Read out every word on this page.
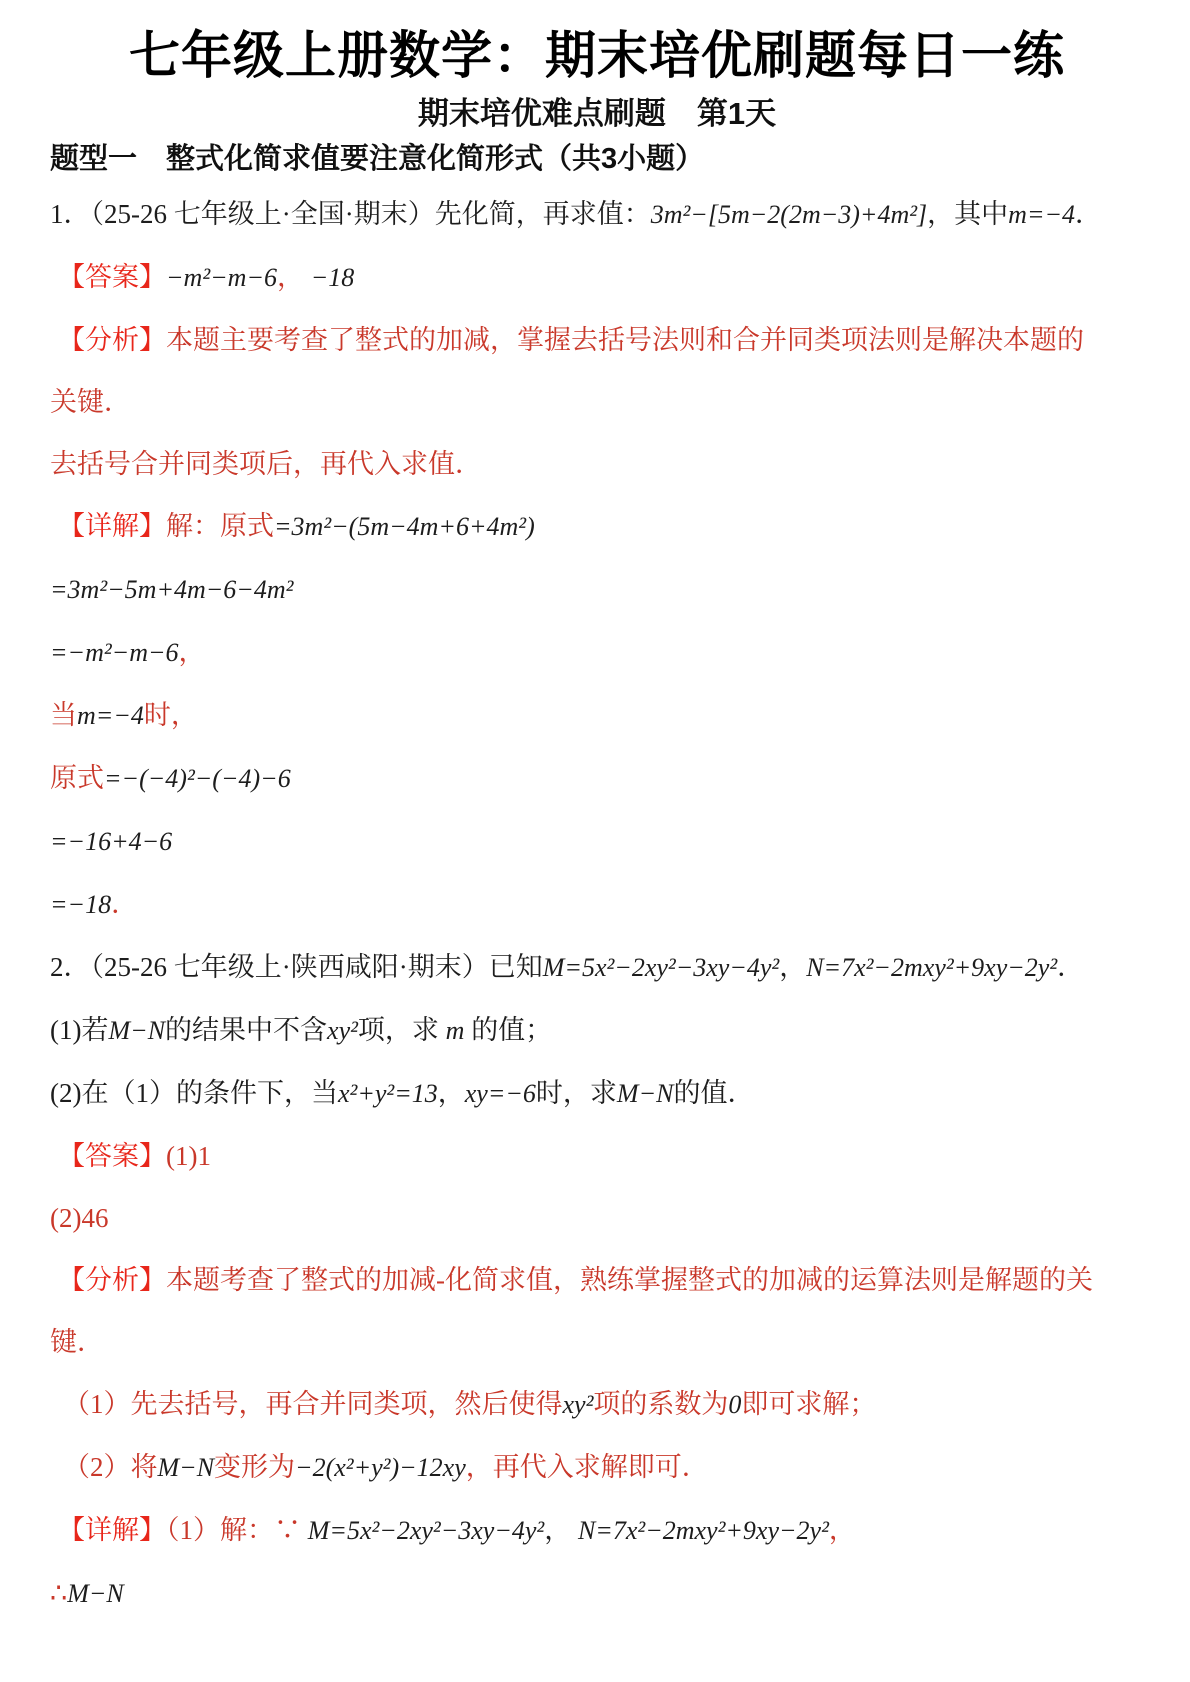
七年级上册数学：期末培优刷题每日一练
期末培优难点刷题　第1天
题型一　整式化简求值要注意化简形式（共3小题）
1．（25-26 七年级上·全国·期末）先化简，再求值：3m²−[5m−2(2m−3)+4m²]，其中m=−4．
【答案】−m²−m−6， −18
【分析】本题主要考查了整式的加减，掌握去括号法则和合并同类项法则是解决本题的
关键．
去括号合并同类项后，再代入求值．
【详解】解：原式=3m²−(5m−4m+6+4m²)
=3m²−5m+4m−6−4m²
=−m²−m−6，
当m=−4时，
原式=−(−4)²−(−4)−6
=−16+4−6
=−18．
2．（25-26 七年级上·陕西咸阳·期末）已知M=5x²−2xy²−3xy−4y²，N=7x²−2mxy²+9xy−2y²．
(1)若M−N的结果中不含xy²项，求 m 的值；
(2)在（1）的条件下，当x²+y²=13，xy=−6时，求M−N的值．
【答案】(1)1
(2)46
【分析】本题考查了整式的加减-化简求值，熟练掌握整式的加减的运算法则是解题的关
键．
（1）先去括号，再合并同类项，然后使得xy²项的系数为0即可求解；
（2）将M−N变形为−2(x²+y²)−12xy，再代入求解即可．
【详解】（1）解：∵ M=5x²−2xy²−3xy−4y²， N=7x²−2mxy²+9xy−2y²，
∴M−N
